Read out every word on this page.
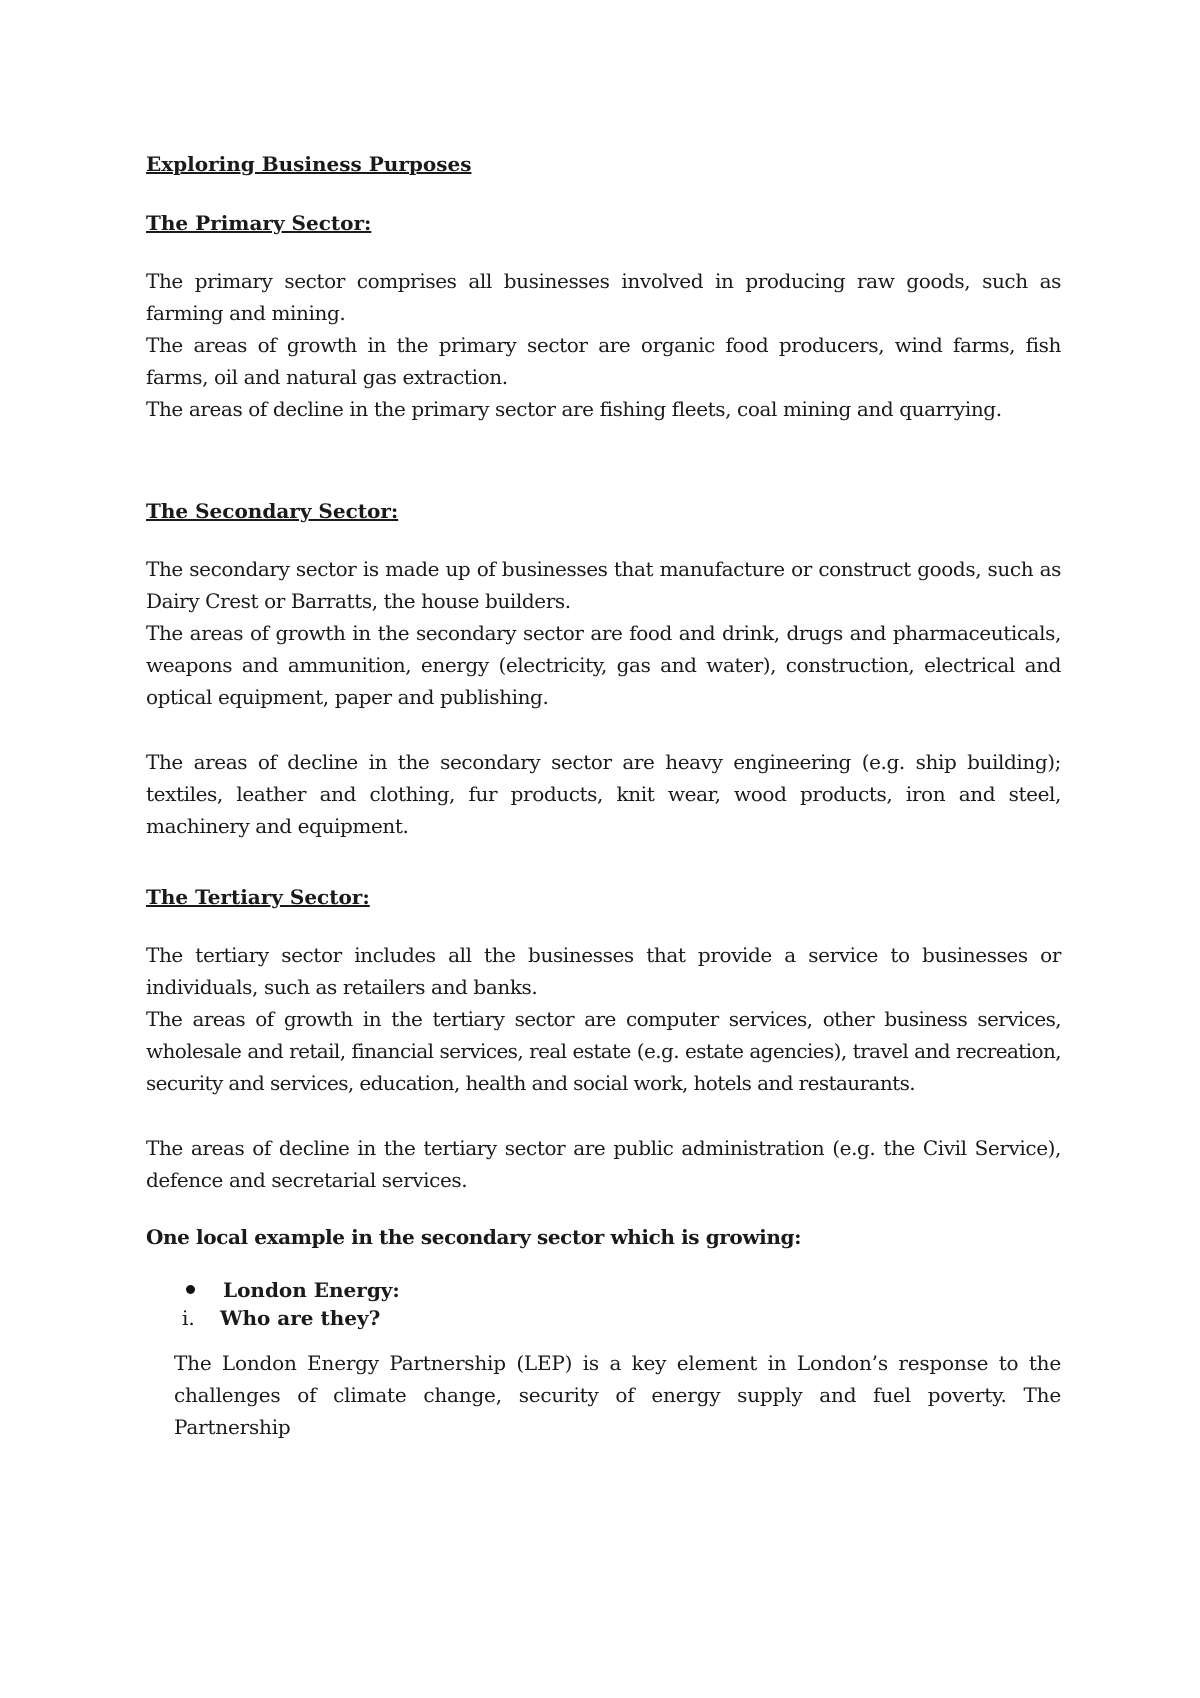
Exploring Business Purposes
The Primary Sector:

The primary sector comprises all businesses involved in producing raw goods, such as farming and mining.

The areas of growth in the primary sector are organic food producers, wind farms, fish farms, oil and natural gas extraction.

The areas of decline in the primary sector are fishing fleets, coal mining and quarrying.

The Secondary Sector:

The secondary sector is made up of businesses that manufacture or construct goods, such as Dairy Crest or Barratts, the house builders.

The areas of growth in the secondary sector are food and drink, drugs and pharmaceuticals, weapons and ammunition, energy (electricity, gas and water), construction, electrical and optical equipment, paper and publishing.

The areas of decline in the secondary sector are heavy engineering (e.g. ship building); textiles, leather and clothing, fur products, knit wear, wood products, iron and steel, machinery and equipment.

The Tertiary Sector:

The tertiary sector includes all the businesses that provide a service to businesses or individuals, such as retailers and banks.

The areas of growth in the tertiary sector are computer services, other business services, wholesale and retail, financial services, real estate (e.g. estate agencies), travel and recreation, security and services, education, health and social work, hotels and restaurants.

The areas of decline in the tertiary sector are public administration (e.g. the Civil Service), defence and secretarial services.

One local example in the secondary sector which is growing:

London Energy:

i. Who are they?

The London Energy Partnership (LEP) is a key element in London’s response to the challenges of climate change, security of energy supply and fuel poverty. The Partnership
